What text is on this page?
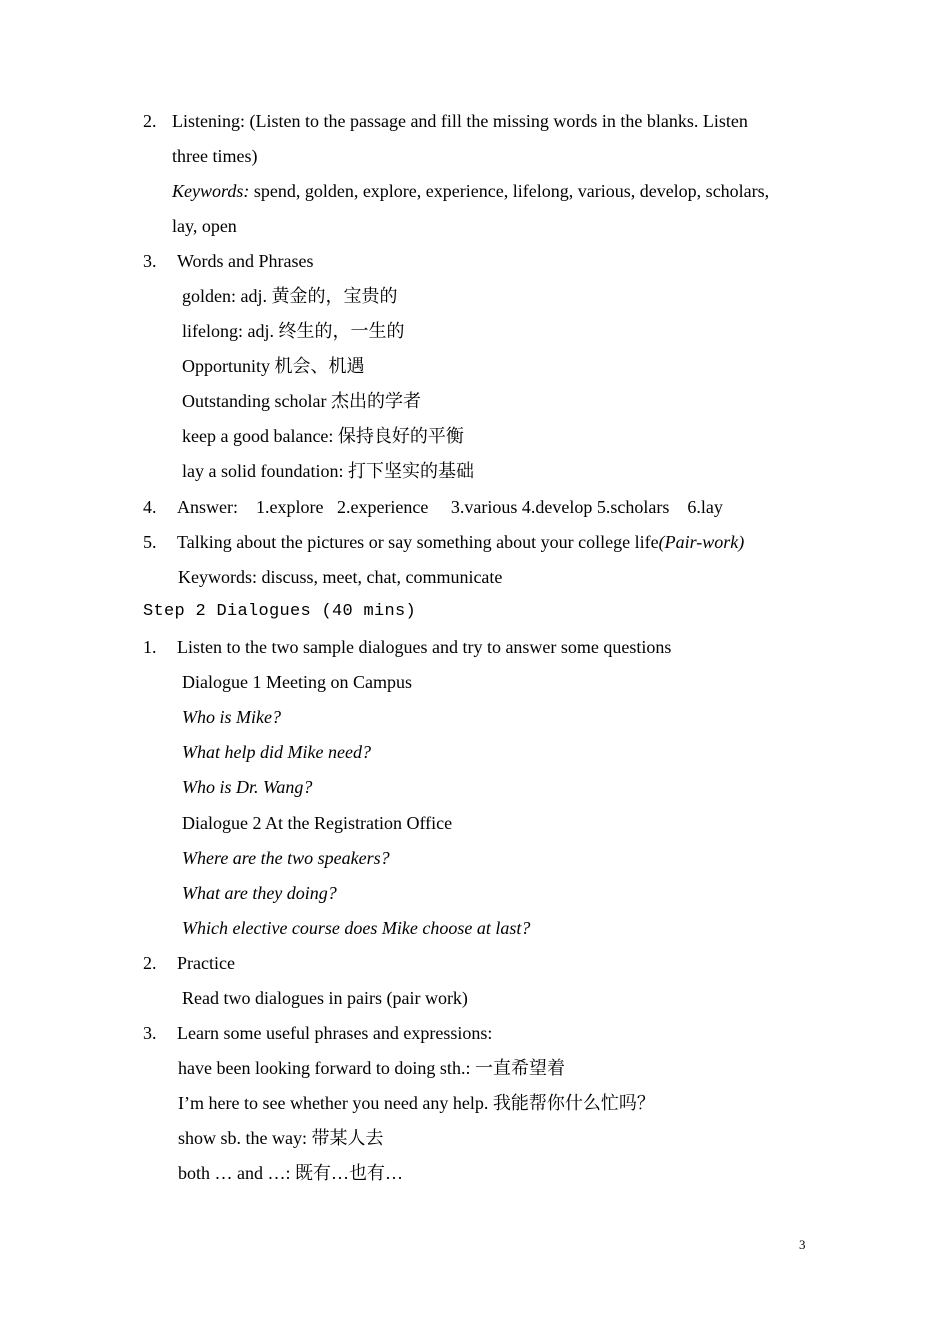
2. Listening: (Listen to the passage and fill the missing words in the blanks. Listen
three times)
Keywords: spend, golden, explore, experience, lifelong, various, develop, scholars,
lay, open
3. Words and Phrases
golden: adj. 黄金的，宝贵的
lifelong: adj. 终生的，一生的
Opportunity 机会、机遇
Outstanding scholar 杰出的学者
keep a good balance: 保持良好的平衡
lay a solid foundation: 打下坚实的基础
4. Answer:    1.explore   2.experience     3.various 4.develop 5.scholars    6.lay
5. Talking about the pictures or say something about your college life(Pair-work)
Keywords: discuss, meet, chat, communicate
Step 2 Dialogues (40 mins)
1. Listen to the two sample dialogues and try to answer some questions
Dialogue 1 Meeting on Campus
Who is Mike?
What help did Mike need?
Who is Dr. Wang?
Dialogue 2 At the Registration Office
Where are the two speakers?
What are they doing?
Which elective course does Mike choose at last?
2. Practice
Read two dialogues in pairs (pair work)
3. Learn some useful phrases and expressions:
have been looking forward to doing sth.: 一直希望着
I’m here to see whether you need any help. 我能帮你什么忙吗？
show sb. the way: 带某人去
both … and …: 既有…也有…
3
